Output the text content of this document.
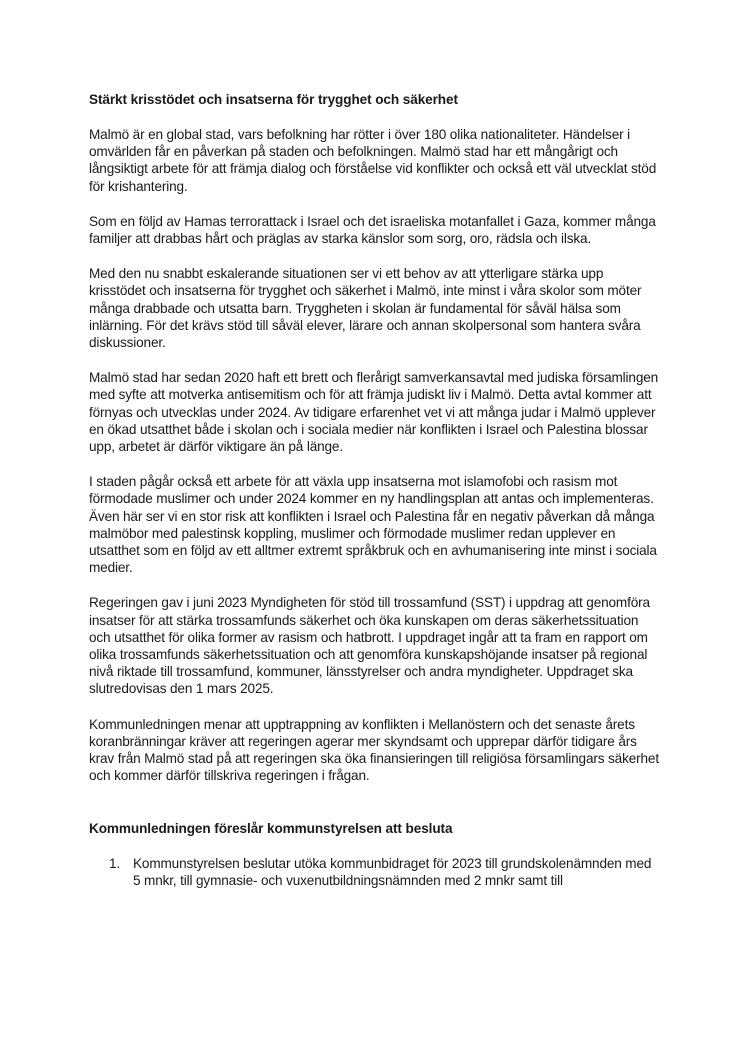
Stärkt krisstödet och insatserna för trygghet och säkerhet

Malmö är en global stad, vars befolkning har rötter i över 180 olika nationaliteter. Händelser i omvärlden får en påverkan på staden och befolkningen. Malmö stad har ett mångårigt och långsiktigt arbete för att främja dialog och förståelse vid konflikter och också ett väl utvecklat stöd för krishantering.

Som en följd av Hamas terrorattack i Israel och det israeliska motanfallet i Gaza, kommer många familjer att drabbas hårt och präglas av starka känslor som sorg, oro, rädsla och ilska.

Med den nu snabbt eskalerande situationen ser vi ett behov av att ytterligare stärka upp krisstödet och insatserna för trygghet och säkerhet i Malmö, inte minst i våra skolor som möter många drabbade och utsatta barn. Tryggheten i skolan är fundamental för såväl hälsa som inlärning. För det krävs stöd till såväl elever, lärare och annan skolpersonal som hantera svåra diskussioner.

Malmö stad har sedan 2020 haft ett brett och flerårigt samverkansavtal med judiska församlingen med syfte att motverka antisemitism och för att främja judiskt liv i Malmö. Detta avtal kommer att förnyas och utvecklas under 2024. Av tidigare erfarenhet vet vi att många judar i Malmö upplever en ökad utsatthet både i skolan och i sociala medier när konflikten i Israel och Palestina blossar upp, arbetet är därför viktigare än på länge.

I staden pågår också ett arbete för att växla upp insatserna mot islamofobi och rasism mot förmodade muslimer och under 2024 kommer en ny handlingsplan att antas och implementeras. Även här ser vi en stor risk att konflikten i Israel och Palestina får en negativ påverkan då många malmöbor med palestinsk koppling, muslimer och förmodade muslimer redan upplever en utsatthet som en följd av ett alltmer extremt språkbruk och en avhumanisering inte minst i sociala medier.

Regeringen gav i juni 2023 Myndigheten för stöd till trossamfund (SST) i uppdrag att genomföra insatser för att stärka trossamfunds säkerhet och öka kunskapen om deras säkerhetssituation och utsatthet för olika former av rasism och hatbrott. I uppdraget ingår att ta fram en rapport om olika trossamfunds säkerhetssituation och att genomföra kunskapshöjande insatser på regional nivå riktade till trossamfund, kommuner, länsstyrelser och andra myndigheter. Uppdraget ska slutredovisas den 1 mars 2025.

Kommunledningen menar att upptrappning av konflikten i Mellanöstern och det senaste årets koranbränningar kräver att regeringen agerar mer skyndsamt och upprepar därför tidigare års krav från Malmö stad på att regeringen ska öka finansieringen till religiösa församlingars säkerhet och kommer därför tillskriva regeringen i frågan.

Kommunledningen föreslår kommunstyrelsen att besluta

1. Kommunstyrelsen beslutar utöka kommunbidraget för 2023 till grundskolenämnden med 5 mnkr, till gymnasie- och vuxenutbildningsnämnden med 2 mnkr samt till
